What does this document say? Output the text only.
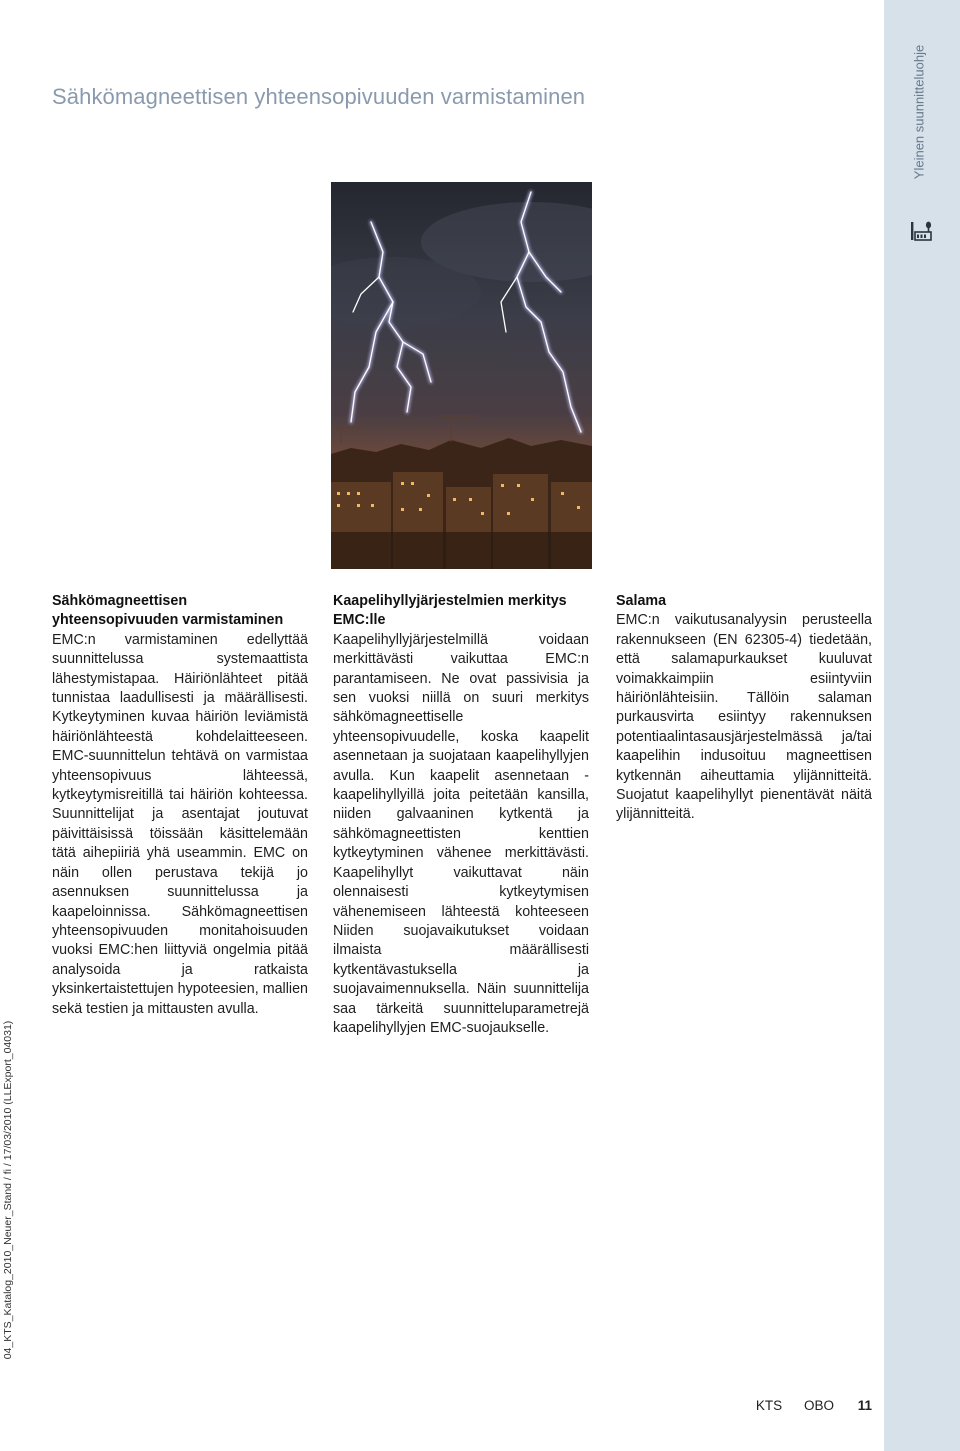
Sähkömagneettisen yhteensopivuuden varmistaminen	Yleinen suunnitteluohje
04_KTS_Katalog_2010_Neuer_Stand / fi / 17/03/2010 (LLExport_04031)
Sähkömagneettisen yhteensopivuuden varmistaminen

EMC:n varmistaminen edellyttää suunnittelussa systemaattista lähestymistapaa. Häiriönlähteet pitää tunnistaa laadullisesti ja määrällisesti. Kytkeytyminen kuvaa häiriön leviämistä häiriönlähteestä kohdelaitteeseen. EMC-suunnittelun tehtävä on varmistaa yhteensopivuus lähteessä, kytkeytymisreitillä tai häiriön kohteessa. Suunnittelijat ja asentajat joutuvat päivittäisissä töissään käsittelemään tätä aihepiiriä yhä useammin. EMC on näin ollen perustava tekijä jo asennuksen suunnittelussa ja kaapeloinnissa. Sähkömagneettisen yhteensopivuuden monitahoisuuden vuoksi EMC:hen liittyviä ongelmia pitää analysoida ja ratkaista yksinkertaistettujen hypoteesien, mallien sekä testien ja mittausten avulla.

Kaapelihyllyjärjestelmien merkitys EMC:lle

Kaapelihyllyjärjestelmillä voidaan merkittävästi vaikuttaa EMC:n parantamiseen. Ne ovat passivisia ja sen vuoksi niillä on suuri merkitys sähkömagneettiselle yhteensopivuudelle, koska kaapelit asennetaan ja suojataan kaapelihyllyjen avulla. Kun kaapelit asennetaan - kaapelihyllyillä joita peitetään kansilla, niiden galvaaninen kytkentä ja sähkömagneettisten kenttien kytkeytyminen vähenee merkittävästi. Kaapelihyllyt vaikuttavat näin olennaisesti kytkeytymisen vähenemiseen lähteestä kohteeseen Niiden suojavaikutukset voidaan ilmaista määrällisesti kytkentävastuksella ja suojavaimennuksella. Näin suunnittelija saa tärkeitä suunnitteluparametrejä kaapelihyllyjen EMC-suojaukselle.

Salama

EMC:n vaikutusanalyysin perusteella rakennukseen (EN 62305-4) tiedetään, että salamapurkaukset kuuluvat voimakkaimpiin esiintyviin häiriönlähteisiin. Tällöin salaman purkausvirta esiintyy rakennuksen potentiaalintasausjärjestelmässä ja/tai kaapelihin indusoituu magneettisen kytkennän aiheuttamia ylijännitteitä. Suojatut kaapelihyllyt pienentävät näitä ylijännitteitä.

KTS OBO 11
